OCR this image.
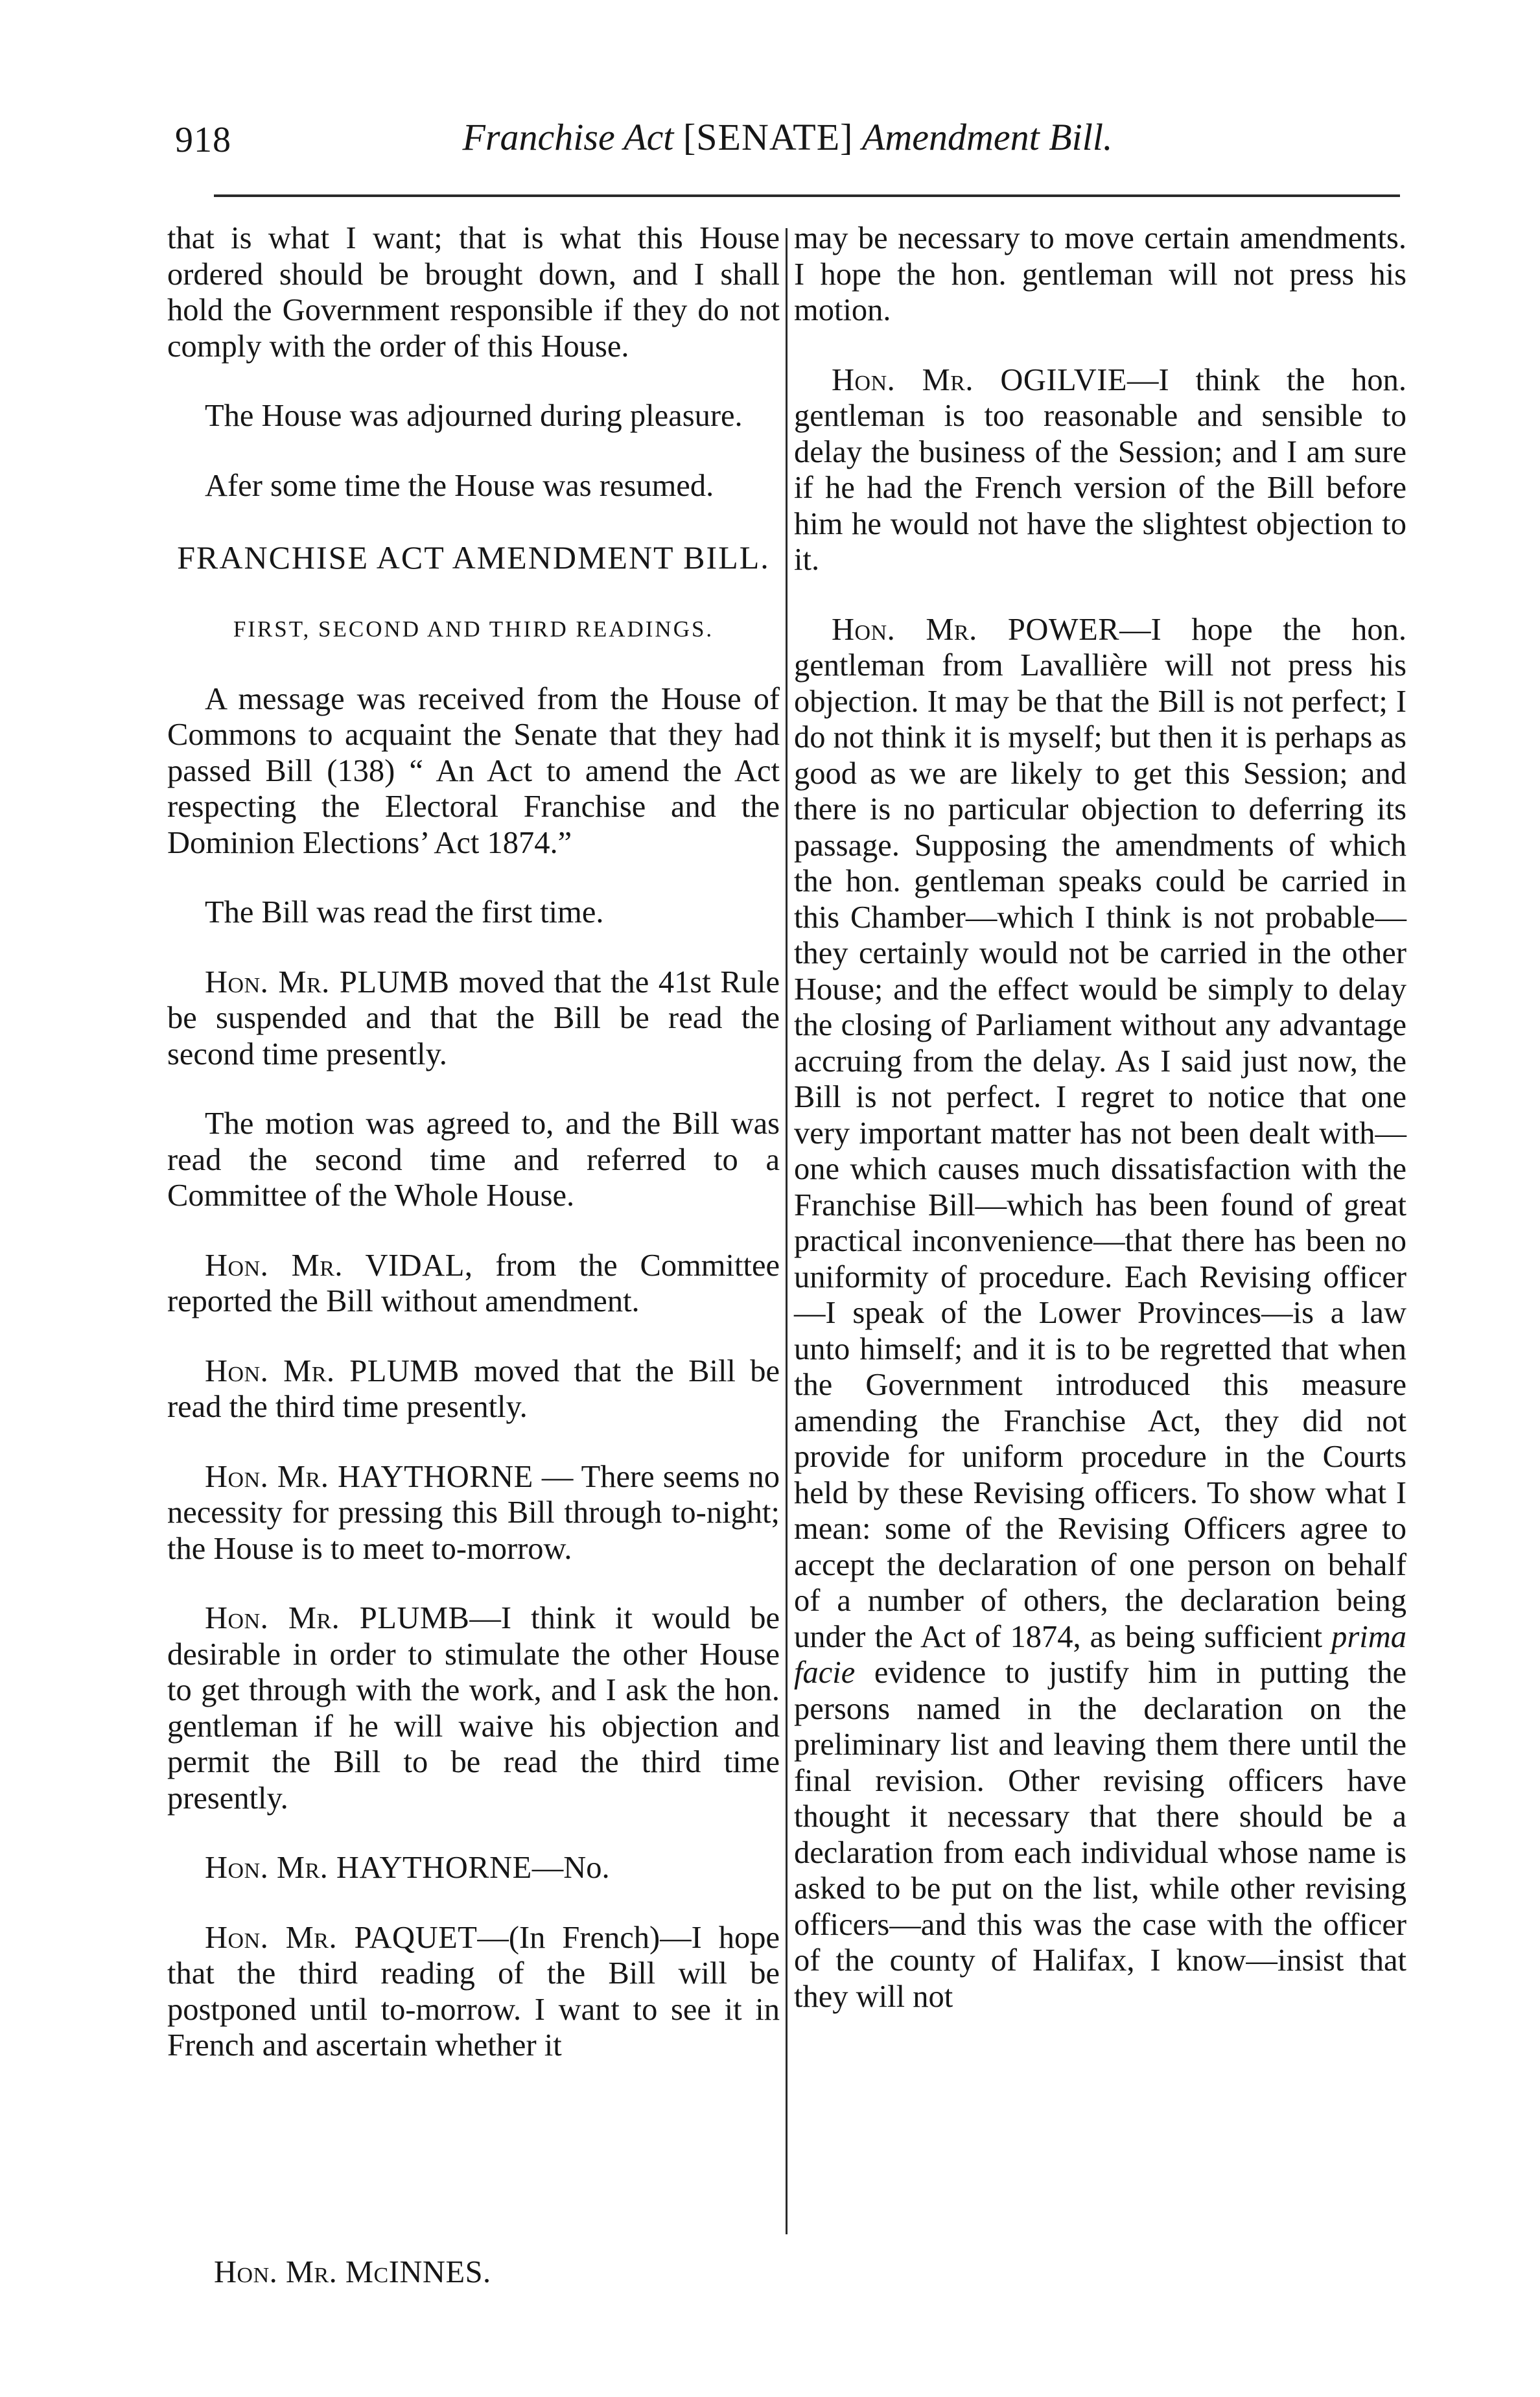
918	Franchise Act [SENATE] Amendment Bill.

that is what I want; that is what this House ordered should be brought down, and I shall hold the Government responsible if they do not comply with the order of this House.

The House was adjourned during pleasure.

Afer some time the House was resumed.

FRANCHISE ACT AMENDMENT BILL.
FIRST, SECOND AND THIRD READINGS.

A message was received from the House of Commons to acquaint the Senate that they had passed Bill (138) “ An Act to amend the Act respecting the Electoral Franchise and the Dominion Elections’ Act 1874.”

The Bill was read the first time.

Hon. Mr. PLUMB moved that the 41st Rule be suspended and that the Bill be read the second time presently.

The motion was agreed to, and the Bill was read the second time and referred to a Committee of the Whole House.

Hon. Mr. VIDAL, from the Committee reported the Bill without amendment.

Hon. Mr. PLUMB moved that the Bill be read the third time presently.

Hon. Mr. HAYTHORNE — There seems no necessity for pressing this Bill through to-night; the House is to meet to-morrow.

Hon. Mr. PLUMB—I think it would be desirable in order to stimulate the other House to get through with the work, and I ask the hon. gentleman if he will waive his objection and permit the Bill to be read the third time presently.

Hon. Mr. HAYTHORNE—No.

Hon. Mr. PAQUET—(In French)—I hope that the third reading of the Bill will be postponed until to-morrow. I want to see it in French and ascertain whether it

may be necessary to move certain amendments. I hope the hon. gentleman will not press his motion.

Hon. Mr. OGILVIE—I think the hon. gentleman is too reasonable and sensible to delay the business of the Session; and I am sure if he had the French version of the Bill before him he would not have the slightest objection to it.

Hon. Mr. POWER—I hope the hon. gentleman from Lavallière will not press his objection. It may be that the Bill is not perfect; I do not think it is myself; but then it is perhaps as good as we are likely to get this Session; and there is no particular objection to deferring its passage. Supposing the amendments of which the hon. gentleman speaks could be carried in this Chamber—which I think is not probable—they certainly would not be carried in the other House; and the effect would be simply to delay the closing of Parliament without any advantage accruing from the delay. As I said just now, the Bill is not perfect. I regret to notice that one very important matter has not been dealt with—one which causes much dissatisfaction with the Franchise Bill—which has been found of great practical inconvenience—that there has been no uniformity of procedure. Each Revising officer—I speak of the Lower Provinces—is a law unto himself; and it is to be regretted that when the Government introduced this measure amending the Franchise Act, they did not provide for uniform procedure in the Courts held by these Revising officers. To show what I mean: some of the Revising Officers agree to accept the declaration of one person on behalf of a number of others, the declaration being under the Act of 1874, as being sufficient prima facie evidence to justify him in putting the persons named in the declaration on the preliminary list and leaving them there until the final revision. Other revising officers have thought it necessary that there should be a declaration from each individual whose name is asked to be put on the list, while other revising officers—and this was the case with the officer of the county of Halifax, I know—insist that they will not

Hon. Mr. McINNES.
